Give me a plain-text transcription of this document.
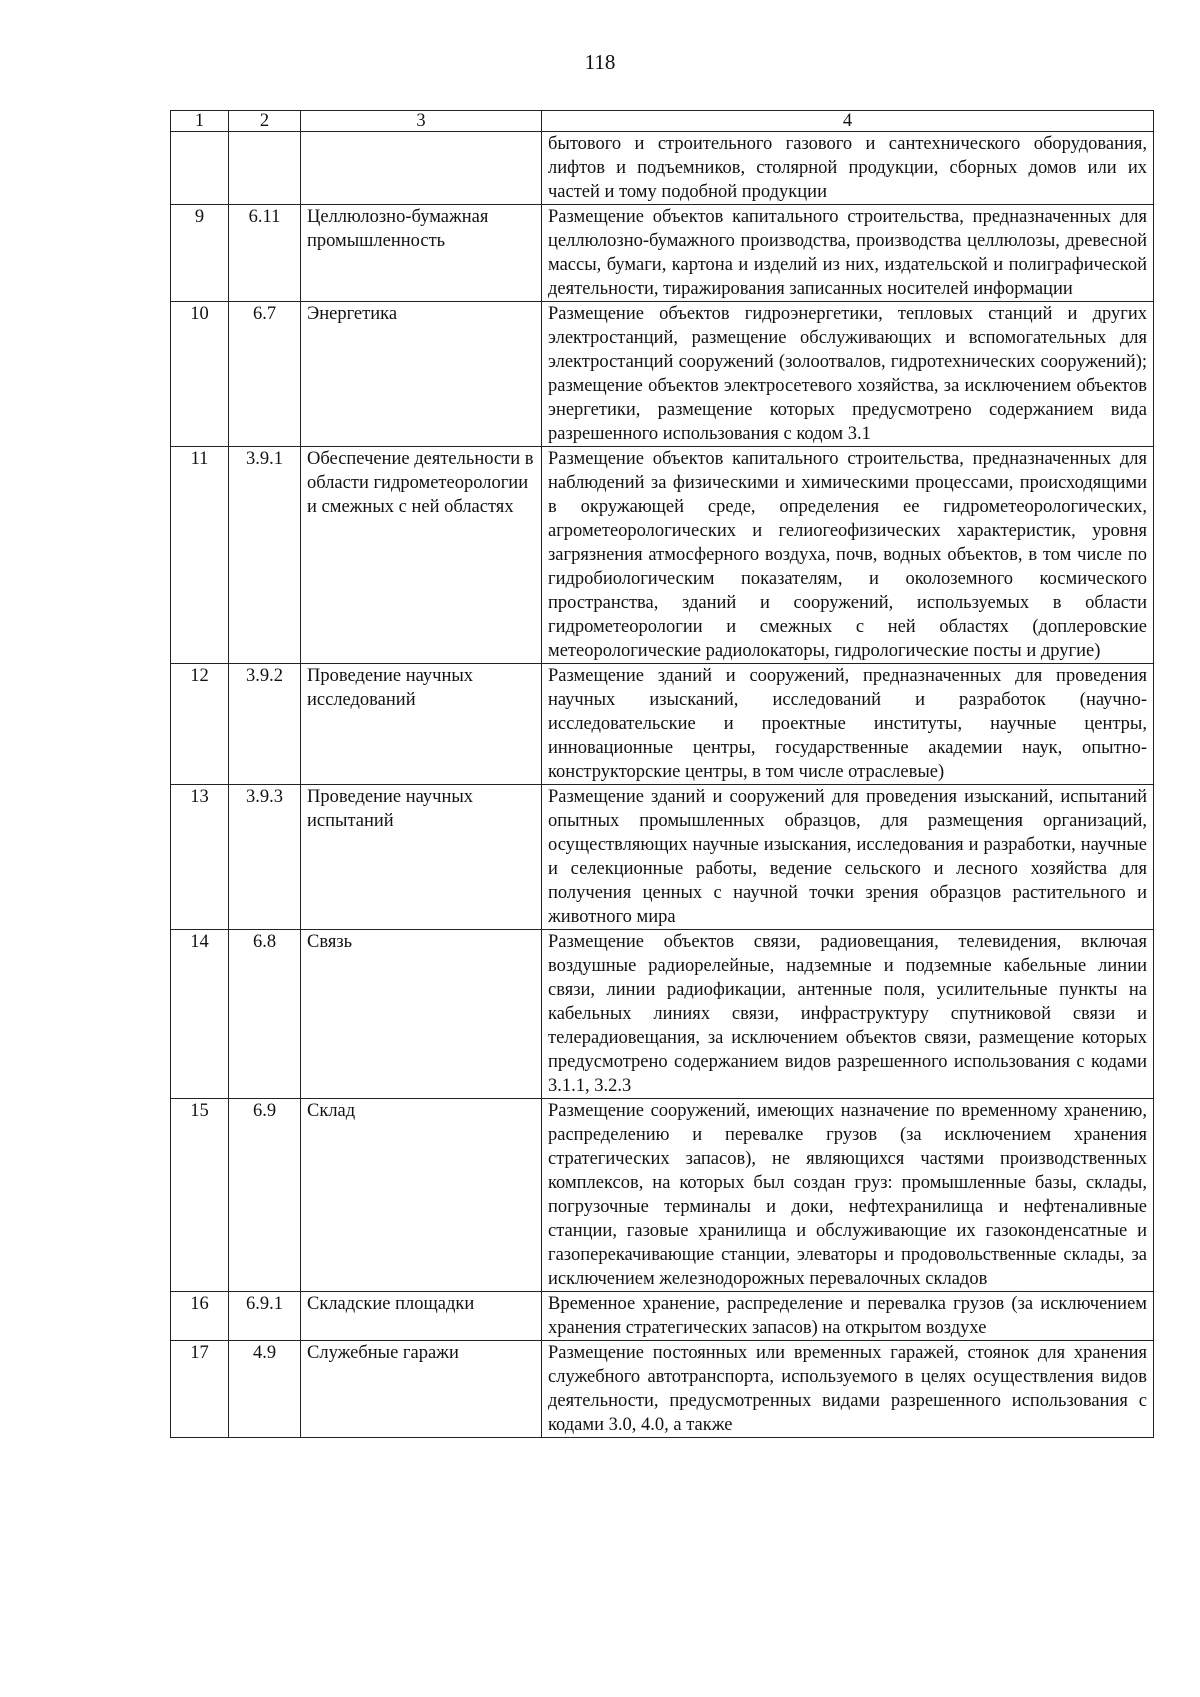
118
1	2	3	4
			бытового и строительного газового и сантехнического оборудования, лифтов и подъемников, столярной продукции, сборных домов или их частей и тому подобной продукции
9	6.11	Целлюлозно-бумажная промышленность	Размещение объектов капитального строительства, предназначенных для целлюлозно-бумажного производства, производства целлюлозы, древесной массы, бумаги, картона и изделий из них, издательской и полиграфической деятельности, тиражирования записанных носителей информации
10	6.7	Энергетика	Размещение объектов гидроэнергетики, тепловых станций и других электростанций, размещение обслуживающих и вспомогательных для электростанций сооружений (золоотвалов, гидротехнических сооружений); размещение объектов электросетевого хозяйства, за исключением объектов энергетики, размещение которых предусмотрено содержанием вида разрешенного использования с кодом 3.1
11	3.9.1	Обеспечение деятельности в области гидрометеорологии и смежных с ней областях	Размещение объектов капитального строительства, предназначенных для наблюдений за физическими и химическими процессами, происходящими в окружающей среде, определения ее гидрометеорологических, агрометеорологических и гелиогеофизических характеристик, уровня загрязнения атмосферного воздуха, почв, водных объектов, в том числе по гидробиологическим показателям, и околоземного космического пространства, зданий и сооружений, используемых в области гидрометеорологии и смежных с ней областях (доплеровские метеорологические радиолокаторы, гидрологические посты и другие)
12	3.9.2	Проведение научных исследований	Размещение зданий и сооружений, предназначенных для проведения научных изысканий, исследований и разработок (научно-исследовательские и проектные институты, научные центры, инновационные центры, государственные академии наук, опытно-конструкторские центры, в том числе отраслевые)
13	3.9.3	Проведение научных испытаний	Размещение зданий и сооружений для проведения изысканий, испытаний опытных промышленных образцов, для размещения организаций, осуществляющих научные изыскания, исследования и разработки, научные и селекционные работы, ведение сельского и лесного хозяйства для получения ценных с научной точки зрения образцов растительного и животного мира
14	6.8	Связь	Размещение объектов связи, радиовещания, телевидения, включая воздушные радиорелейные, надземные и подземные кабельные линии связи, линии радиофикации, антенные поля, усилительные пункты на кабельных линиях связи, инфраструктуру спутниковой связи и телерадиовещания, за исключением объектов связи, размещение которых предусмотрено содержанием видов разрешенного использования с кодами 3.1.1, 3.2.3
15	6.9	Склад	Размещение сооружений, имеющих назначение по временному хранению, распределению и перевалке грузов (за исключением хранения стратегических запасов), не являющихся частями производственных комплексов, на которых был создан груз: промышленные базы, склады, погрузочные терминалы и доки, нефтехранилища и нефтеналивные станции, газовые хранилища и обслуживающие их газоконденсатные и газоперекачивающие станции, элеваторы и продовольственные склады, за исключением железнодорожных перевалочных складов
16	6.9.1	Складские площадки	Временное хранение, распределение и перевалка грузов (за исключением хранения стратегических запасов) на открытом воздухе
17	4.9	Служебные гаражи	Размещение постоянных или временных гаражей, стоянок для хранения служебного автотранспорта, используемого в целях осуществления видов деятельности, предусмотренных видами разрешенного использования с кодами 3.0, 4.0, а также
